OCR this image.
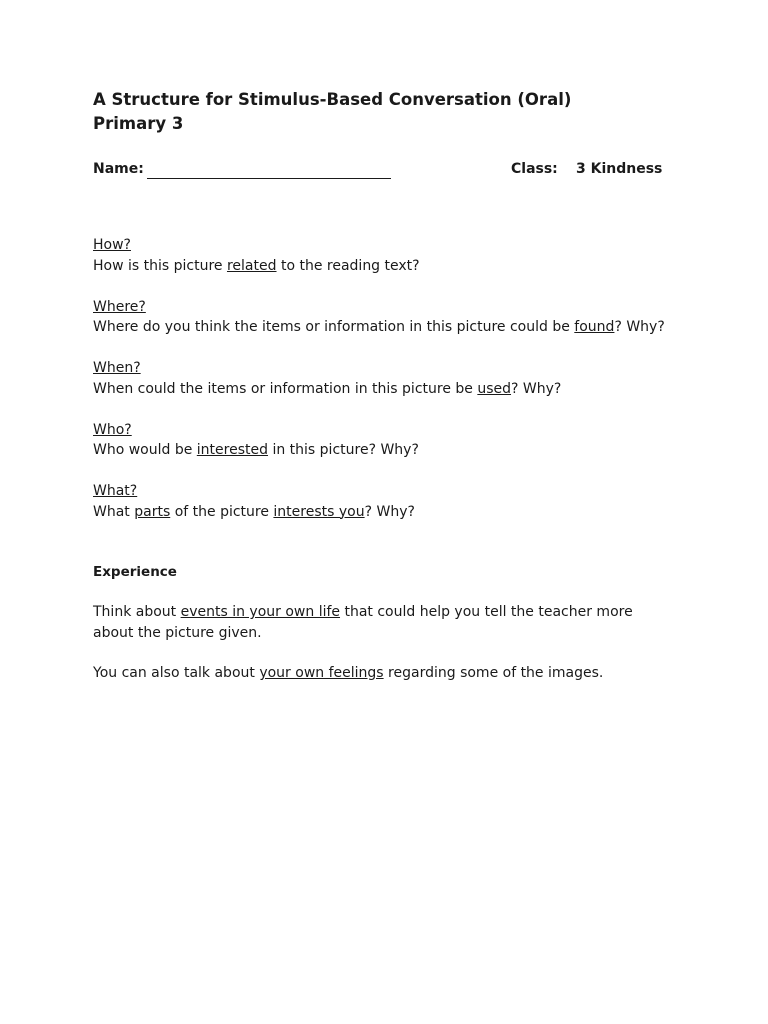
A Structure for Stimulus-Based Conversation (Oral)
Primary 3

Name:	Class: 3 Kindness
How?
How is this picture related to the reading text?
Where?
Where do you think the items or information in this picture could be found? Why?
When?
When could the items or information in this picture be used? Why?
Who?
Who would be interested in this picture? Why?
What?
What parts of the picture interests you? Why?
Experience
Think about events in your own life that could help you tell the teacher more about the picture given.
You can also talk about your own feelings regarding some of the images.
